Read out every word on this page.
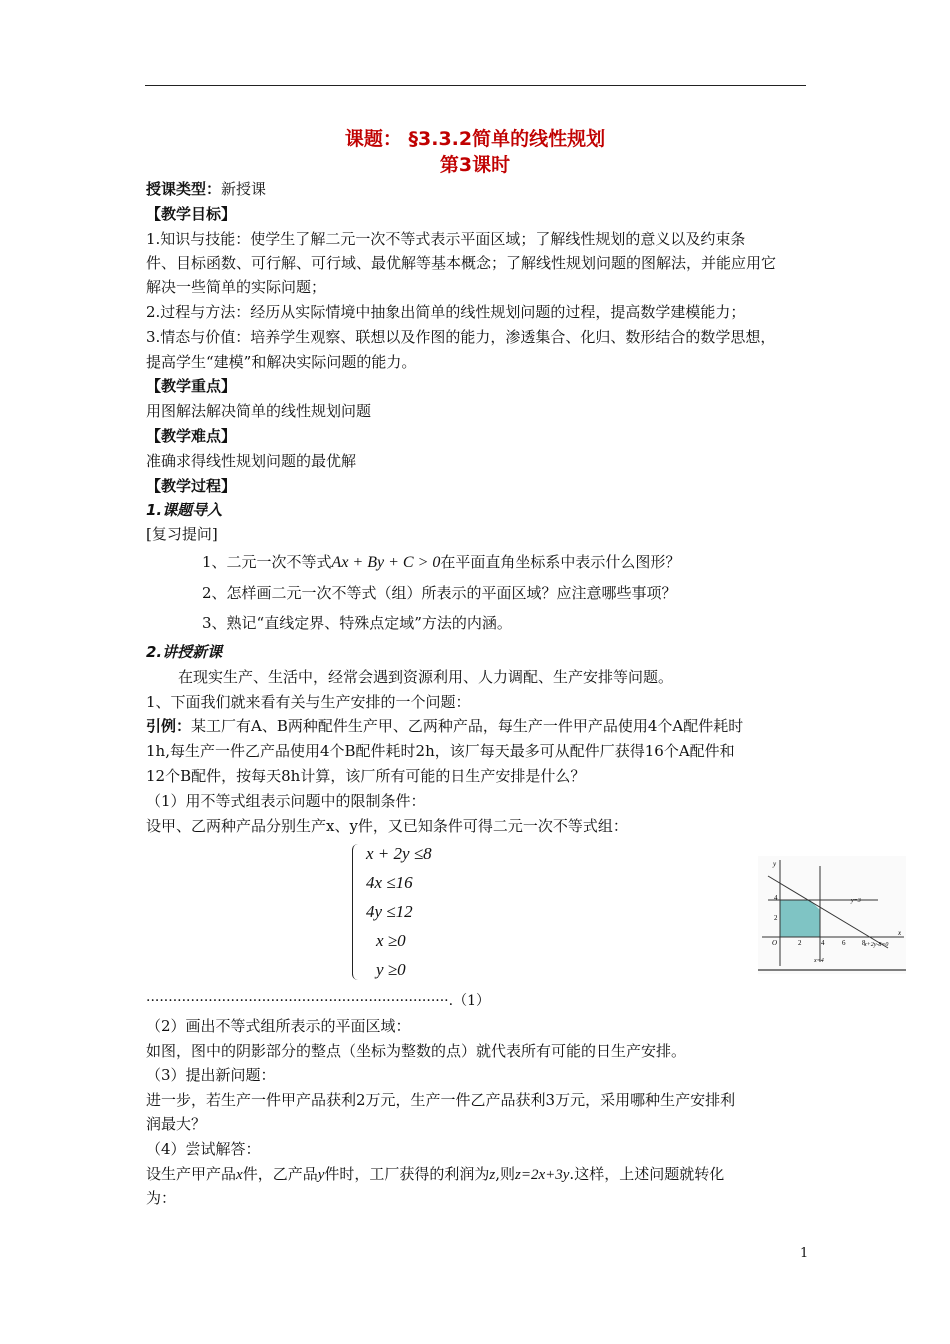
课题： §3.3.2简单的线性规划
第3课时
授课类型：新授课
【教学目标】
1.知识与技能：使学生了解二元一次不等式表示平面区域；了解线性规划的意义以及约束条
件、目标函数、可行解、可行域、最优解等基本概念；了解线性规划问题的图解法，并能应用它
解决一些简单的实际问题；
2.过程与方法：经历从实际情境中抽象出简单的线性规划问题的过程，提高数学建模能力；
3.情态与价值：培养学生观察、联想以及作图的能力，渗透集合、化归、数形结合的数学思想，
提高学生“建模”和解决实际问题的能力。
【教学重点】
用图解法解决简单的线性规划问题
【教学难点】
准确求得线性规划问题的最优解
【教学过程】
1.课题导入
[复习提问]
1、二元一次不等式Ax + By + C > 0在平面直角坐标系中表示什么图形？
2、怎样画二元一次不等式（组）所表示的平面区域？应注意哪些事项？
3、熟记“直线定界、特殊点定域”方法的内涵。
2.讲授新课
在现实生产、生活中，经常会遇到资源利用、人力调配、生产安排等问题。
1、下面我们就来看有关与生产安排的一个问题：
引例：某工厂有A、B两种配件生产甲、乙两种产品，每生产一件甲产品使用4个A配件耗时
1h,每生产一件乙产品使用4个B配件耗时2h，该厂每天最多可从配件厂获得16个A配件和
12个B配件，按每天8h计算，该厂所有可能的日生产安排是什么？
（1）用不等式组表示问题中的限制条件：
设甲、乙两种产品分别生产x、y件，又已知条件可得二元一次不等式组：
x + 2y ≤8
4x ≤16
4y ≤12
x ≥0
y ≥0
y
x
O	2	4	6 8
2
4	y=3
x=4
x+2y-8=0
····································································.（1）
（2）画出不等式组所表示的平面区域：
如图，图中的阴影部分的整点（坐标为整数的点）就代表所有可能的日生产安排。
（3）提出新问题：
进一步，若生产一件甲产品获利2万元，生产一件乙产品获利3万元，采用哪种生产安排利
润最大？
（4）尝试解答：
设生产甲产品x件，乙产品y件时，工厂获得的利润为z,则z=2x+3y.这样，上述问题就转化
为：
1
